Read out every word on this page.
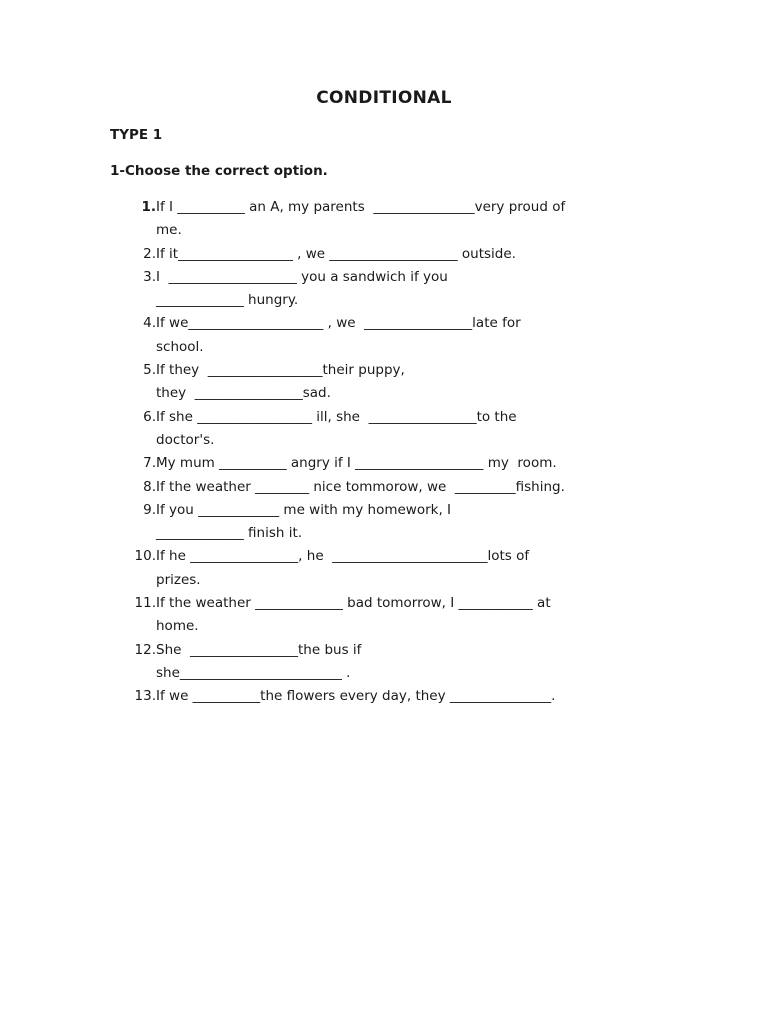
CONDITIONAL
TYPE 1
1-Choose the correct option.
1. If I __________ an A, my parents  _______________very proud of
me.
2. If it_________________ , we ___________________ outside.
3. I  ___________________ you a sandwich if you
_____________ hungry.
4. If we____________________ , we  ________________late for
school.
5. If they  _________________their puppy,
they  ________________sad.
6. If she _________________ ill, she  ________________to the
doctor's.
7. My mum __________ angry if I ___________________ my  room.
8. If the weather ________ nice tommorow, we  _________fishing.
9. If you ____________ me with my homework, I
_____________ finish it.
10. If he ________________, he  _______________________lots of
prizes.
11. If the weather _____________ bad tomorrow, I ___________ at
home.
12. She  ________________the bus if
she________________________ .
13. If we __________the flowers every day, they _______________.
